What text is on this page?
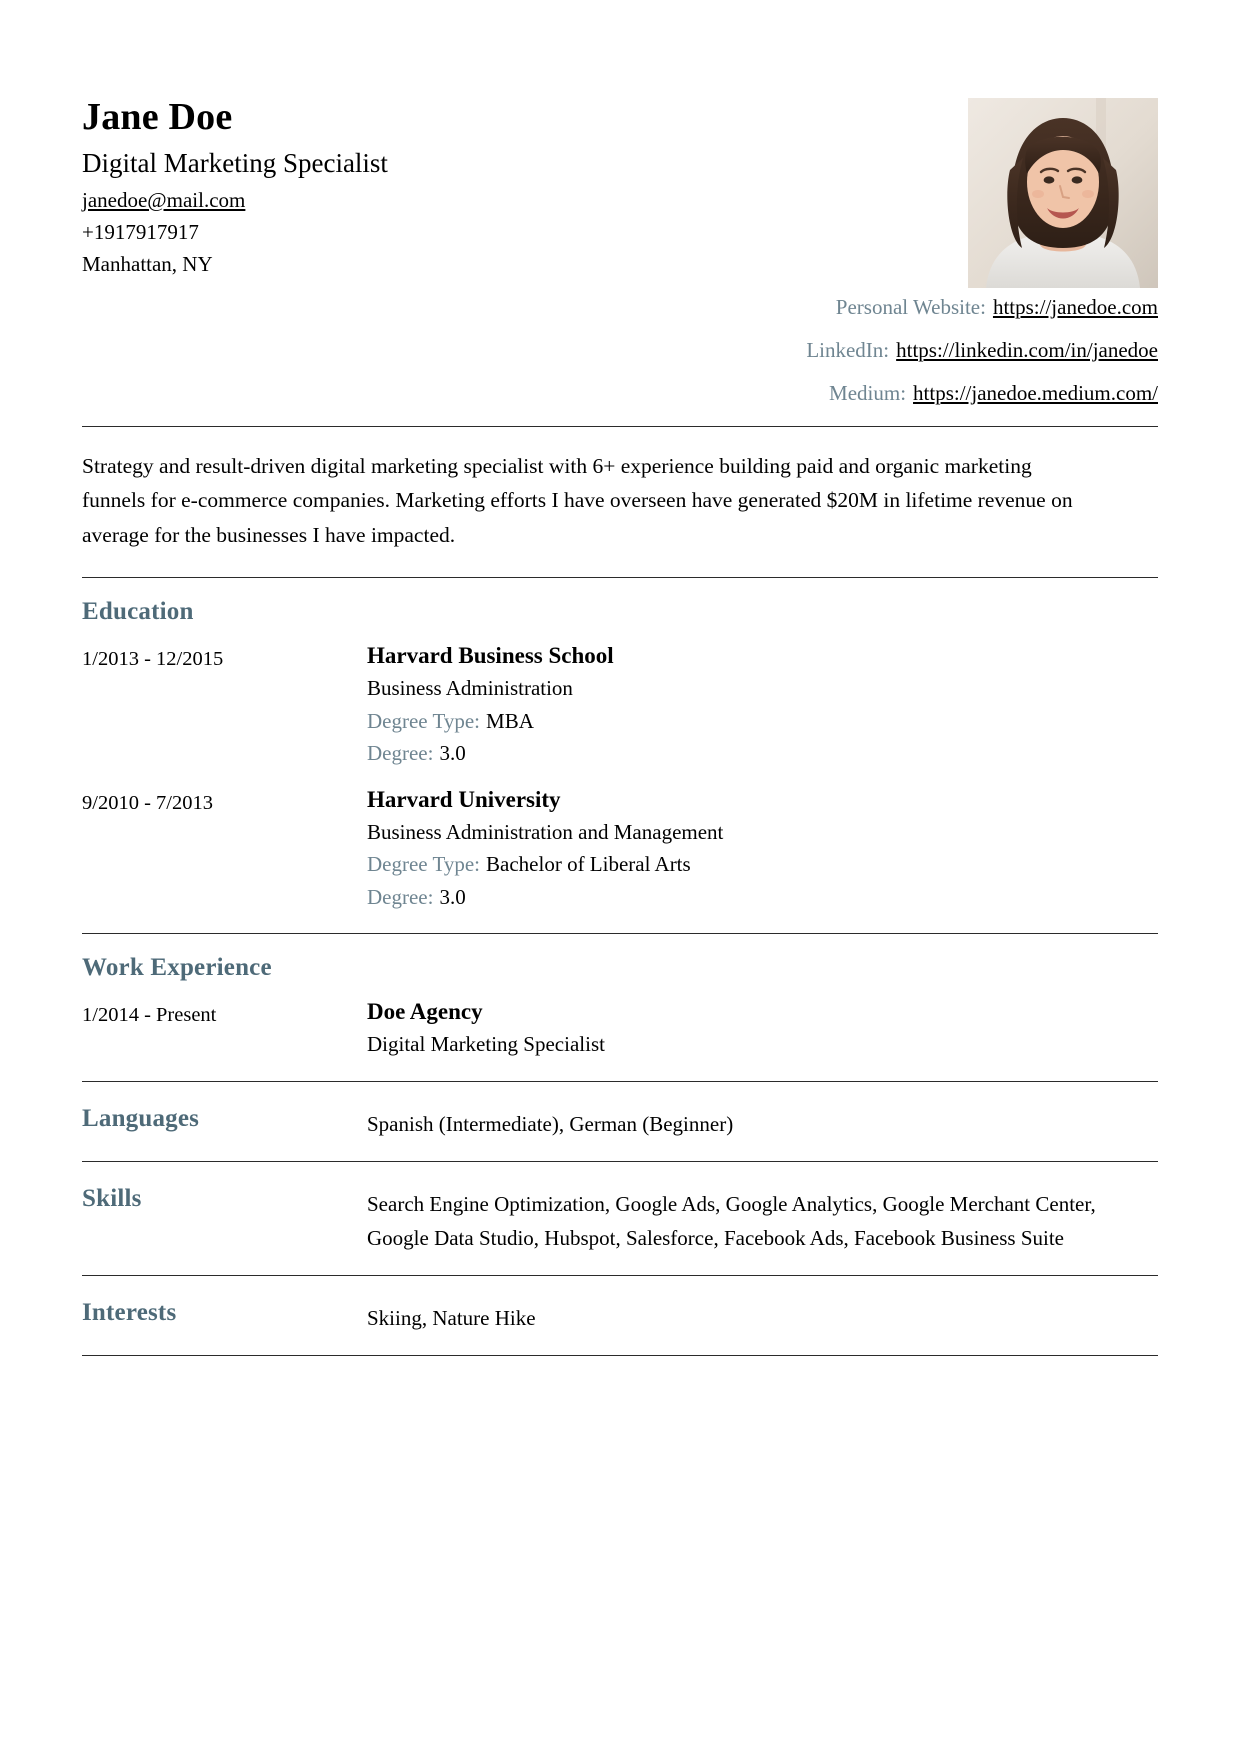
Jane Doe
Digital Marketing Specialist
janedoe@mail.com
+1917917917
Manhattan, NY
Personal Website: https://janedoe.com
LinkedIn: https://linkedin.com/in/janedoe
Medium: https://janedoe.medium.com/
Strategy and result-driven digital marketing specialist with 6+ experience building paid and organic marketing funnels for e-commerce companies. Marketing efforts I have overseen have generated $20M in lifetime revenue on average for the businesses I have impacted.
Education
1/2013 - 12/2015	Harvard Business School
Business Administration
Degree Type: MBA
Degree: 3.0
9/2010 - 7/2013	Harvard University
Business Administration and Management
Degree Type: Bachelor of Liberal Arts
Degree: 3.0
Work Experience
1/2014 - Present	Doe Agency
Digital Marketing Specialist
Languages	Spanish (Intermediate), German (Beginner)
Skills	Search Engine Optimization, Google Ads, Google Analytics, Google Merchant Center, Google Data Studio, Hubspot, Salesforce, Facebook Ads, Facebook Business Suite
Interests	Skiing, Nature Hike
